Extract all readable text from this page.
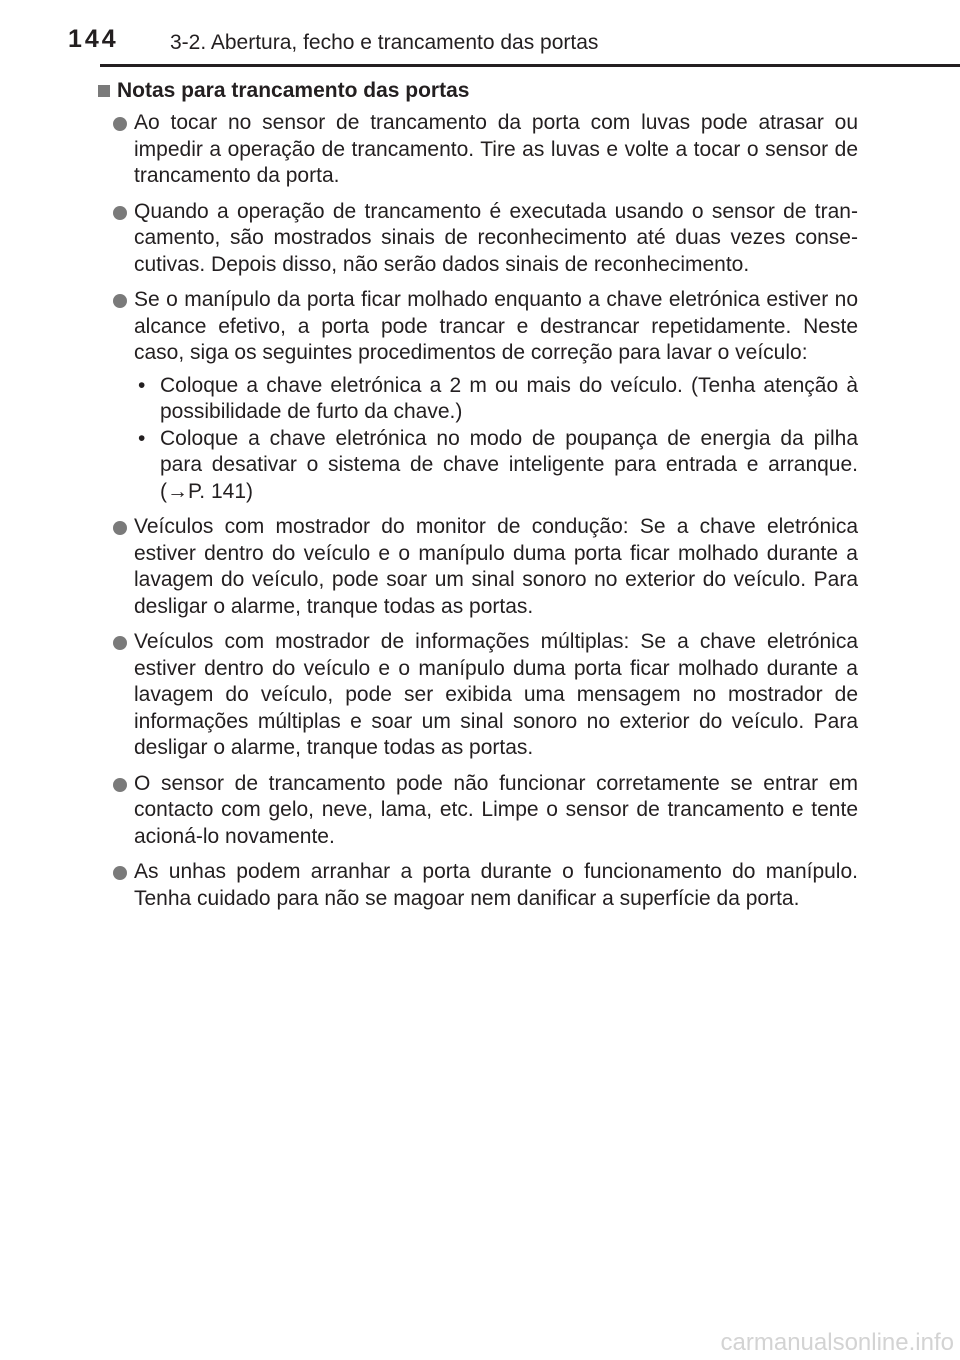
144 3-2. Abertura, fecho e trancamento das portas
Notas para trancamento das portas
Ao tocar no sensor de trancamento da porta com luvas pode atrasar ou impedir a operação de trancamento. Tire as luvas e volte a tocar o sensor de trancamento da porta.
Quando a operação de trancamento é executada usando o sensor de trancamento, são mostrados sinais de reconhecimento até duas vezes consecutivas. Depois disso, não serão dados sinais de reconhecimento.
Se o manípulo da porta ficar molhado enquanto a chave eletrónica estiver no alcance efetivo, a porta pode trancar e destrancar repetidamente. Neste caso, siga os seguintes procedimentos de correção para lavar o veículo:
• Coloque a chave eletrónica a 2 m ou mais do veículo. (Tenha atenção à possibilidade de furto da chave.)
• Coloque a chave eletrónica no modo de poupança de energia da pilha para desativar o sistema de chave inteligente para entrada e arranque. (→P. 141)
Veículos com mostrador do monitor de condução: Se a chave eletrónica estiver dentro do veículo e o manípulo duma porta ficar molhado durante a lavagem do veículo, pode soar um sinal sonoro no exterior do veículo. Para desligar o alarme, tranque todas as portas.
Veículos com mostrador de informações múltiplas: Se a chave eletrónica estiver dentro do veículo e o manípulo duma porta ficar molhado durante a lavagem do veículo, pode ser exibida uma mensagem no mostrador de informações múltiplas e soar um sinal sonoro no exterior do veículo. Para desligar o alarme, tranque todas as portas.
O sensor de trancamento pode não funcionar corretamente se entrar em contacto com gelo, neve, lama, etc. Limpe o sensor de trancamento e tente acioná-lo novamente.
As unhas podem arranhar a porta durante o funcionamento do manípulo. Tenha cuidado para não se magoar nem danificar a superfície da porta.
carmanualsonline.info
